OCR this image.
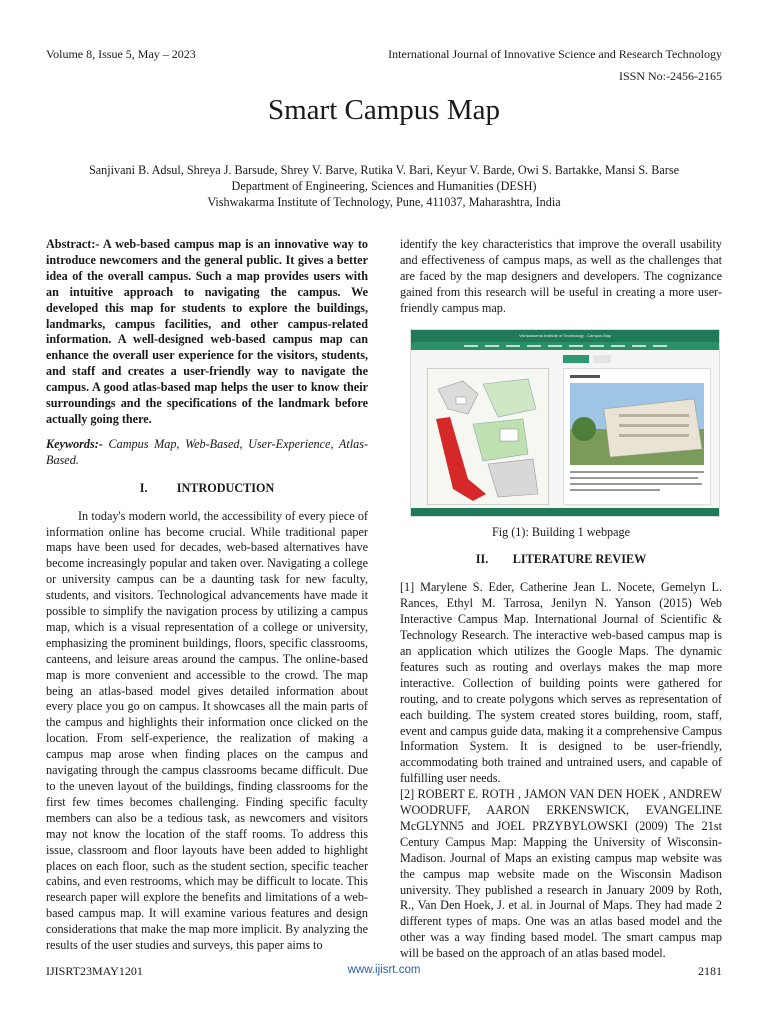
Volume 8, Issue 5, May – 2023	International Journal of Innovative Science and Research Technology
ISSN No:-2456-2165
Smart Campus Map
Sanjivani B. Adsul, Shreya J. Barsude, Shrey V. Barve, Rutika V. Bari, Keyur V. Barde, Owi S. Bartakke, Mansi S. Barse
Department of Engineering, Sciences and Humanities (DESH)
Vishwakarma Institute of Technology, Pune, 411037, Maharashtra, India

Abstract:- A web-based campus map is an innovative way to introduce newcomers and the general public. It gives a better idea of the overall campus. Such a map provides users with an intuitive approach to navigating the campus. We developed this map for students to explore the buildings, landmarks, campus facilities, and other campus-related information. A well-designed web-based campus map can enhance the overall user experience for the visitors, students, and staff and creates a user-friendly way to navigate the campus. A good atlas-based map helps the user to know their surroundings and the specifications of the landmark before actually going there.

Keywords:- Campus Map, Web-Based, User-Experience, Atlas-Based.

I. INTRODUCTION

In today's modern world, the accessibility of every piece of information online has become crucial. While traditional paper maps have been used for decades, web-based alternatives have become increasingly popular and taken over. Navigating a college or university campus can be a daunting task for new faculty, students, and visitors. Technological advancements have made it possible to simplify the navigation process by utilizing a campus map, which is a visual representation of a college or university, emphasizing the prominent buildings, floors, specific classrooms, canteens, and leisure areas around the campus. The online-based map is more convenient and accessible to the crowd. The map being an atlas-based model gives detailed information about every place you go on campus. It showcases all the main parts of the campus and highlights their information once clicked on the location. From self-experience, the realization of making a campus map arose when finding places on the campus and navigating through the campus classrooms became difficult. Due to the uneven layout of the buildings, finding classrooms for the first few times becomes challenging. Finding specific faculty members can also be a tedious task, as newcomers and visitors may not know the location of the staff rooms. To address this issue, classroom and floor layouts have been added to highlight places on each floor, such as the student section, specific teacher cabins, and even restrooms, which may be difficult to locate. This research paper will explore the benefits and limitations of a web-based campus map. It will examine various features and design considerations that make the map more implicit. By analyzing the results of the user studies and surveys, this paper aims to

identify the key characteristics that improve the overall usability and effectiveness of campus maps, as well as the challenges that are faced by the map designers and developers. The cognizance gained from this research will be useful in creating a more user-friendly campus map.

Vishwakarma Institute of Technology - Campus Map
Fig (1): Building 1 webpage
II. LITERATURE REVIEW

[1] Marylene S. Eder, Catherine Jean L. Nocete, Gemelyn L. Rances, Ethyl M. Tarrosa, Jenilyn N. Yanson (2015) Web Interactive Campus Map. International Journal of Scientific & Technology Research. The interactive web-based campus map is an application which utilizes the Google Maps. The dynamic features such as routing and overlays makes the map more interactive. Collection of building points were gathered for routing, and to create polygons which serves as representation of each building. The system created stores building, room, staff, event and campus guide data, making it a comprehensive Campus Information System. It is designed to be user-friendly, accommodating both trained and untrained users, and capable of fulfilling user needs.

[2] ROBERT E. ROTH , JAMON VAN DEN HOEK , ANDREW WOODRUFF, AARON ERKENSWICK, EVANGELINE McGLYNN5 and JOEL PRZYBYLOWSKI (2009) The 21st Century Campus Map: Mapping the University of Wisconsin-Madison. Journal of Maps an existing campus map website was the campus map website made on the Wisconsin Madison university. They published a research in January 2009 by Roth, R., Van Den Hoek, J. et al. in Journal of Maps. They had made 2 different types of maps. One was an atlas based model and the other was a way finding based model. The smart campus map will be based on the approach of an atlas based model.

IJISRT23MAY1201	www.ijisrt.com	2181
